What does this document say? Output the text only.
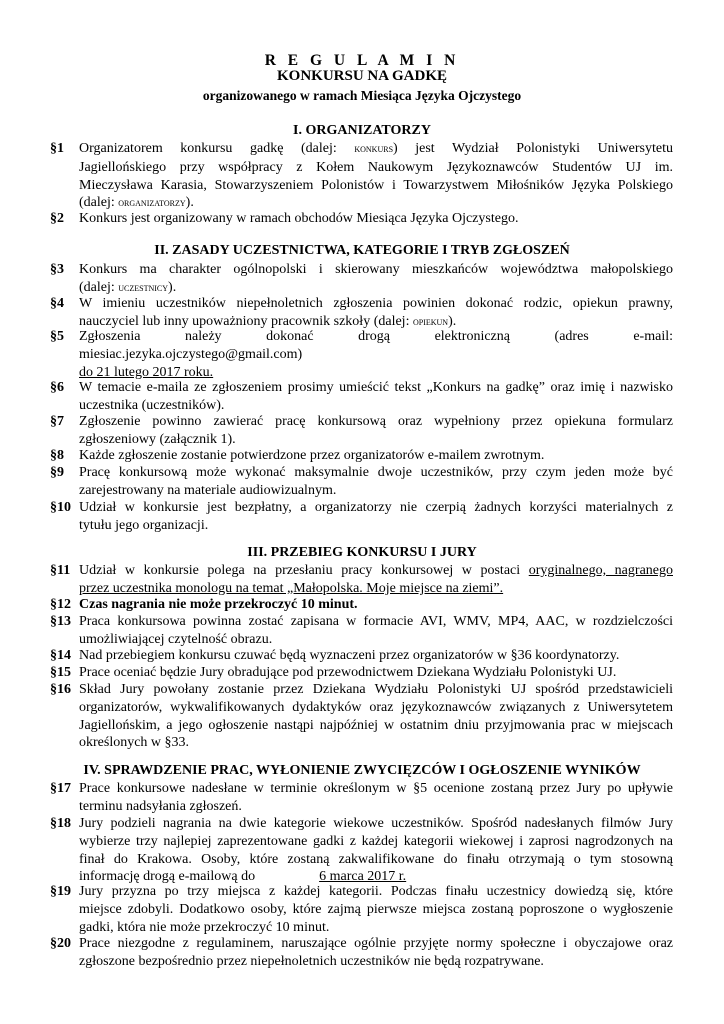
R E G U L A M I N
KONKURSU NA GADKĘ
organizowanego w ramach Miesiąca Języka Ojczystego
I. ORGANIZATORZY
§1 Organizatorem konkursu gadkę (dalej: konkurs) jest Wydział Polonistyki Uniwersytetu
Jagiellońskiego przy współpracy z Kołem Naukowym Językoznawców Studentów UJ im.
Mieczysława Karasia, Stowarzyszeniem Polonistów i Towarzystwem Miłośników Języka Polskiego
(dalej: organizatorzy).
§2 Konkurs jest organizowany w ramach obchodów Miesiąca Języka Ojczystego.
II. ZASADY UCZESTNICTWA, KATEGORIE I TRYB ZGŁOSZEŃ
§3 Konkurs ma charakter ogólnopolski i skierowany mieszkańców województwa małopolskiego
(dalej: uczestnicy).
§4 W imieniu uczestników niepełnoletnich zgłoszenia powinien dokonać rodzic, opiekun prawny,
nauczyciel lub inny upoważniony pracownik szkoły (dalej: opiekun).
§5 Zgłoszenia należy dokonać drogą elektroniczną (adres e-mail:
miesiac.jezyka.ojczystego@gmail.com)
do 21 lutego 2017 roku.
§6 W temacie e-maila ze zgłoszeniem prosimy umieścić tekst „Konkurs na gadkę” oraz imię i nazwisko
uczestnika (uczestników).
§7 Zgłoszenie powinno zawierać pracę konkursową oraz wypełniony przez opiekuna formularz
zgłoszeniowy (załącznik 1).
§8 Każde zgłoszenie zostanie potwierdzone przez organizatorów e-mailem zwrotnym.
§9 Pracę konkursową może wykonać maksymalnie dwoje uczestników, przy czym jeden może być
zarejestrowany na materiale audiowizualnym.
§10 Udział w konkursie jest bezpłatny, a organizatorzy nie czerpią żadnych korzyści materialnych z
tytułu jego organizacji.
III. PRZEBIEG KONKURSU I JURY
§11 Udział w konkursie polega na przesłaniu pracy konkursowej w postaci oryginalnego, nagranego
przez uczestnika monologu na temat „Małopolska. Moje miejsce na ziemi”.
§12 Czas nagrania nie może przekroczyć 10 minut.
§13 Praca konkursowa powinna zostać zapisana w formacie AVI, WMV, MP4, AAC, w rozdzielczości
umożliwiającej czytelność obrazu.
§14 Nad przebiegiem konkursu czuwać będą wyznaczeni przez organizatorów w §36 koordynatorzy.
§15 Prace oceniać będzie Jury obradujące pod przewodnictwem Dziekana Wydziału Polonistyki UJ.
§16 Skład Jury powołany zostanie przez Dziekana Wydziału Polonistyki UJ spośród przedstawicieli
organizatorów, wykwalifikowanych dydaktyków oraz językoznawców związanych z Uniwersytetem
Jagiellońskim, a jego ogłoszenie nastąpi najpóźniej w ostatnim dniu przyjmowania prac w miejscach
określonych w §33.
IV. SPRAWDZENIE PRAC, WYŁONIENIE ZWYCIĘZCÓW I OGŁOSZENIE WYNIKÓW
§17 Prace konkursowe nadesłane w terminie określonym w §5 ocenione zostaną przez Jury po upływie
terminu nadsyłania zgłoszeń.
§18 Jury podzieli nagrania na dwie kategorie wiekowe uczestników. Spośród nadesłanych filmów Jury
wybierze trzy najlepiej zaprezentowane gadki z każdej kategorii wiekowej i zaprosi nagrodzonych na
finał do Krakowa. Osoby, które zostaną zakwalifikowane do finału otrzymają o tym stosowną
informację drogą e-mailową do	6 marca 2017 r.
§19 Jury przyzna po trzy miejsca z każdej kategorii. Podczas finału uczestnicy dowiedzą się, które
miejsce zdobyli. Dodatkowo osoby, które zajmą pierwsze miejsca zostaną poproszone o wygłoszenie
gadki, która nie może przekroczyć 10 minut.
§20 Prace niezgodne z regulaminem, naruszające ogólnie przyjęte normy społeczne i obyczajowe oraz
zgłoszone bezpośrednio przez niepełnoletnich uczestników nie będą rozpatrywane.
